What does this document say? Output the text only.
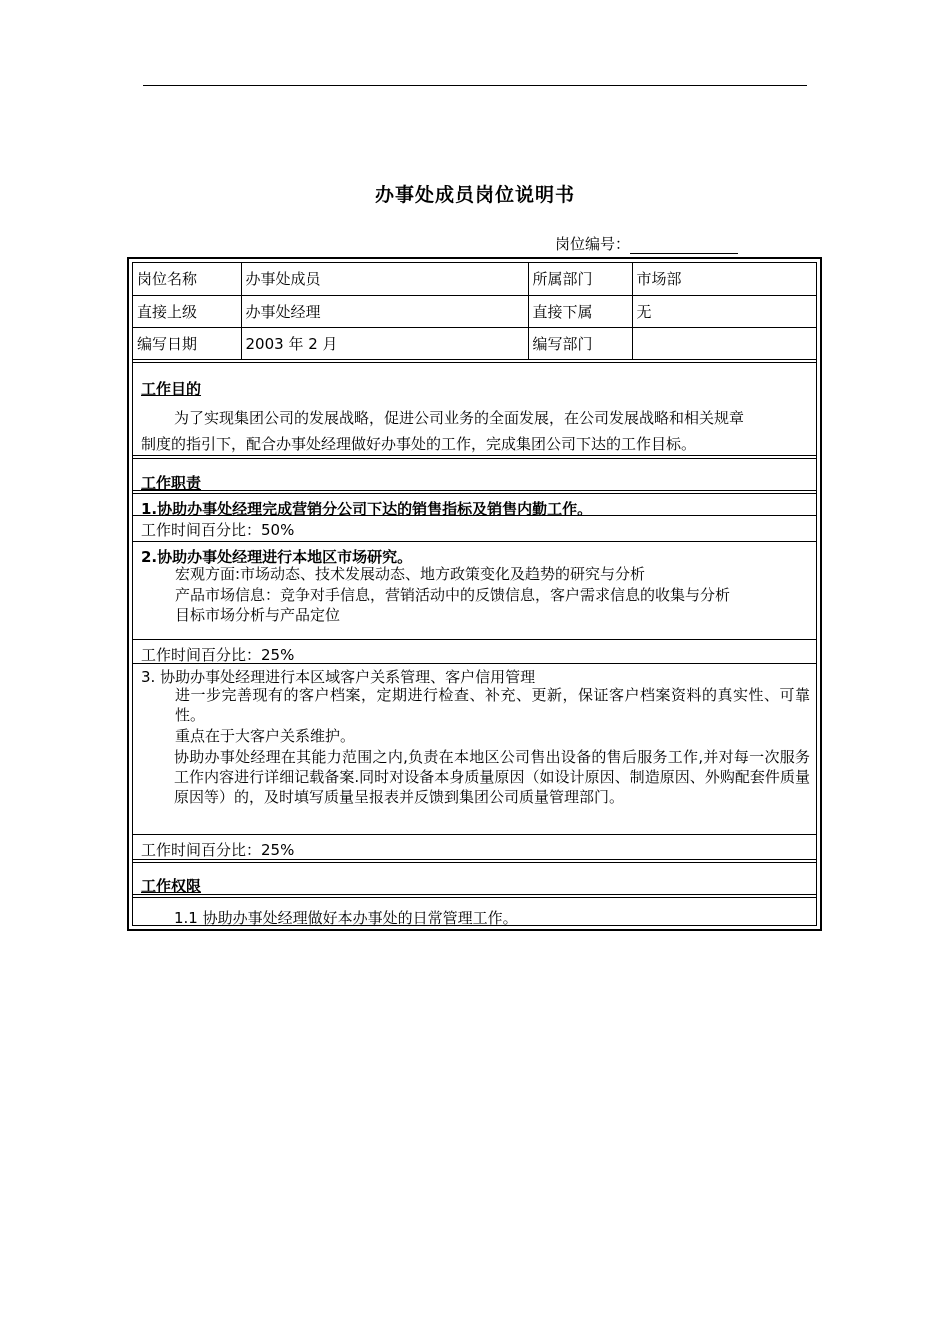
办事处成员岗位说明书
岗位编号：
岗位名称	办事处成员	所属部门	市场部
直接上级	办事处经理	直接下属	无
编写日期	2003 年 2 月	编写部门	
工作目的
为了实现集团公司的发展战略，促进公司业务的全面发展，在公司发展战略和相关规章
制度的指引下，配合办事处经理做好办事处的工作，完成集团公司下达的工作目标。
工作职责
1.协助办事处经理完成营销分公司下达的销售指标及销售内勤工作。
工作时间百分比：50%
2.协助办事处经理进行本地区市场研究。
宏观方面:市场动态、技术发展动态、地方政策变化及趋势的研究与分析
产品市场信息：竞争对手信息，营销活动中的反馈信息，客户需求信息的收集与分析
目标市场分析与产品定位
工作时间百分比：25%
3. 协助办事处经理进行本区域客户关系管理、客户信用管理
进一步完善现有的客户档案，定期进行检查、补充、更新，保证客户档案资料的真实性、可靠性。
重点在于大客户关系维护。
协助办事处经理在其能力范围之内,负责在本地区公司售出设备的售后服务工作,并对每一次服务工作内容进行详细记载备案.同时对设备本身质量原因（如设计原因、制造原因、外购配套件质量原因等）的，及时填写质量呈报表并反馈到集团公司质量管理部门。
工作时间百分比：25%
工作权限
1.1 协助办事处经理做好本办事处的日常管理工作。
